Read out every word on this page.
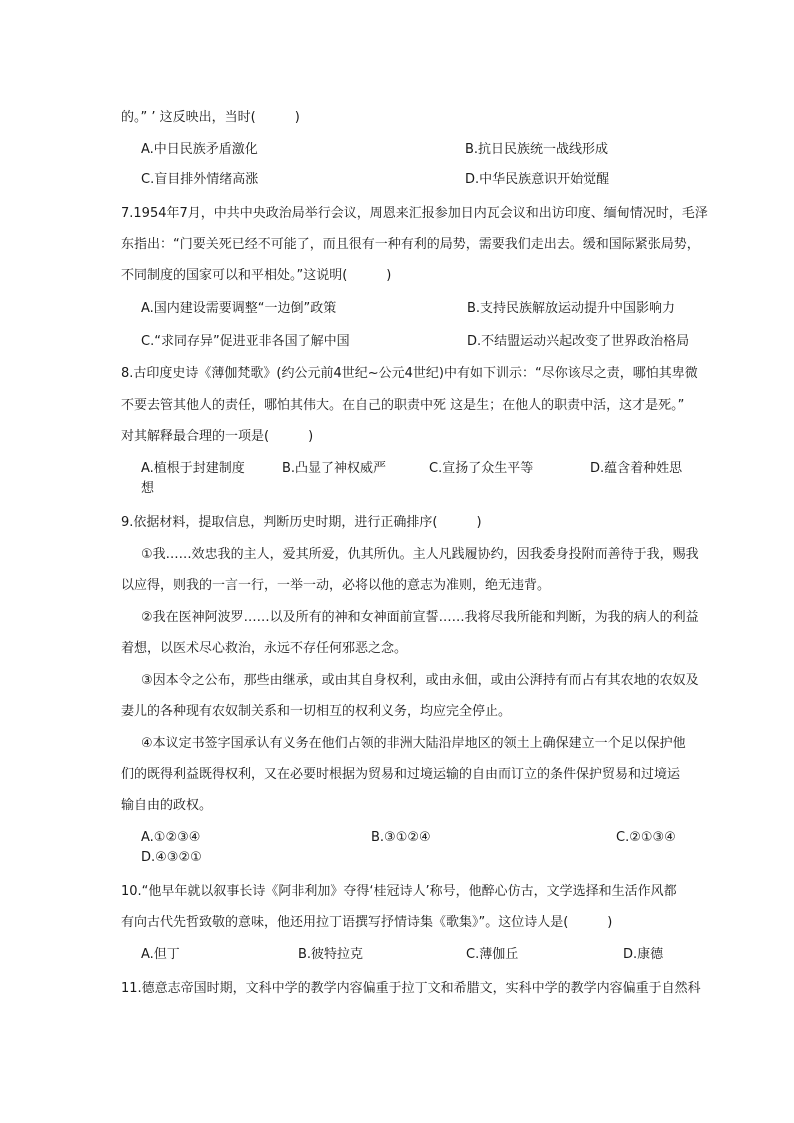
的。” ’ 这反映出，当时(　　　)
A.中日民族矛盾激化	B.抗日民族统一战线形成
C.盲目排外情绪高涨	D.中华民族意识开始觉醒
7.1954年7月，中共中央政治局举行会议，周恩来汇报参加日内瓦会议和出访印度、缅甸情况时，毛泽
东指出：“门要关死已经不可能了，而且很有一种有利的局势，需要我们走出去。缓和国际紧张局势，
不同制度的国家可以和平相处。”这说明(　　　)
A.国内建设需要调整“一边倒”政策	B.支持民族解放运动提升中国影响力
C.“求同存异”促进亚非各国了解中国	D.不结盟运动兴起改变了世界政治格局
8.古印度史诗《薄伽梵歌》(约公元前4世纪~公元4世纪)中有如下训示：“尽你该尽之责，哪怕其卑微
不要去管其他人的责任，哪怕其伟大。在自己的职责中死 这是生；在他人的职责中活，这才是死。”
对其解释最合理的一项是(　　　)
A.植根于封建制度	B.凸显了神权威严	C.宣扬了众生平等	D.蕴含着种姓思
想
9.依据材料，提取信息，判断历史时期，进行正确排序(　　　)
①我……效忠我的主人，爱其所爱，仇其所仇。主人凡践履协约，因我委身投附而善待于我，赐我
以应得，则我的一言一行，一举一动，必将以他的意志为准则，绝无违背。
②我在医神阿波罗……以及所有的神和女神面前宣誓……我将尽我所能和判断，为我的病人的利益
着想，以医术尽心救治，永远不存任何邪恶之念。
③因本令之公布，那些由继承，或由其自身权利，或由永佃，或由公湃持有而占有其农地的农奴及
妻儿的各种现有农奴制关系和一切相互的权利义务，均应完全停止。
④本议定书签字国承认有义务在他们占领的非洲大陆沿岸地区的领土上确保建立一个足以保护他
们的既得利益既得权利，又在必要时根据为贸易和过境运输的自由而订立的条件保护贸易和过境运
输自由的政权。
A.①②③④	B.③①②④	C.②①③④
D.④③②①
10.“他早年就以叙事长诗《阿非利加》夺得‘桂冠诗人’称号，他醉心仿古，文学选择和生活作风都
有向古代先哲致敬的意味，他还用拉丁语撰写抒情诗集《歌集》”。这位诗人是(　　　)
A.但丁	B.彼特拉克	C.薄伽丘	D.康德
11.德意志帝国时期，文科中学的教学内容偏重于拉丁文和希腊文，实科中学的教学内容偏重于自然科
